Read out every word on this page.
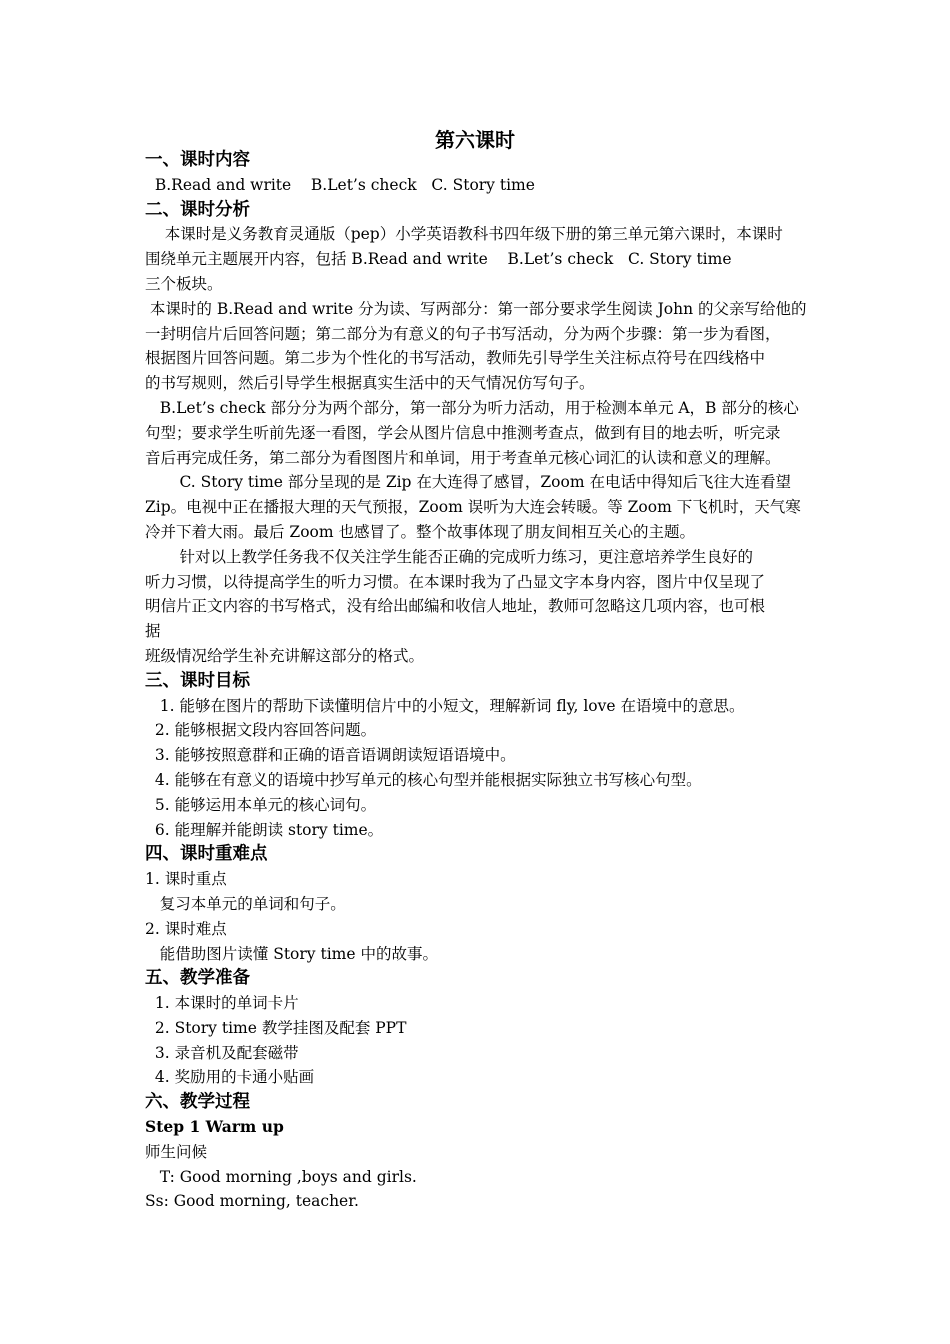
第六课时
一、课时内容
B.Read and write    B.Let’s check   C. Story time
二、课时分析
本课时是义务教育灵通版（pep）小学英语教科书四年级下册的第三单元第六课时，本课时
围绕单元主题展开内容，包括 B.Read and write    B.Let’s check   C. Story time
三个板块。
本课时的 B.Read and write 分为读、写两部分：第一部分要求学生阅读 John 的父亲写给他的
一封明信片后回答问题；第二部分为有意义的句子书写活动，分为两个步骤：第一步为看图，
根据图片回答问题。第二步为个性化的书写活动，教师先引导学生关注标点符号在四线格中
的书写规则，然后引导学生根据真实生活中的天气情况仿写句子。
B.Let’s check 部分分为两个部分，第一部分为听力活动，用于检测本单元 A，B 部分的核心
句型；要求学生听前先逐一看图，学会从图片信息中推测考查点，做到有目的地去听，听完录
音后再完成任务，第二部分为看图图片和单词，用于考查单元核心词汇的认读和意义的理解。
C. Story time 部分呈现的是 Zip 在大连得了感冒，Zoom 在电话中得知后飞往大连看望
Zip。电视中正在播报大理的天气预报，Zoom 误听为大连会转暖。等 Zoom 下飞机时，天气寒
冷并下着大雨。最后 Zoom 也感冒了。整个故事体现了朋友间相互关心的主题。
针对以上教学任务我不仅关注学生能否正确的完成听力练习，更注意培养学生良好的
听力习惯，以待提高学生的听力习惯。在本课时我为了凸显文字本身内容，图片中仅呈现了
明信片正文内容的书写格式，没有给出邮编和收信人地址，教师可忽略这几项内容，也可根
据
班级情况给学生补充讲解这部分的格式。
三、课时目标
1. 能够在图片的帮助下读懂明信片中的小短文，理解新词 fly, love 在语境中的意思。
2. 能够根据文段内容回答问题。
3. 能够按照意群和正确的语音语调朗读短语语境中。
4. 能够在有意义的语境中抄写单元的核心句型并能根据实际独立书写核心句型。
5. 能够运用本单元的核心词句。
6. 能理解并能朗读 story time。
四、课时重难点
1. 课时重点
复习本单元的单词和句子。
2. 课时难点
能借助图片读懂 Story time 中的故事。
五、教学准备
1. 本课时的单词卡片
2. Story time 教学挂图及配套 PPT
3. 录音机及配套磁带
4. 奖励用的卡通小贴画
六、教学过程
Step 1 Warm up
师生问候
T: Good morning ,boys and girls.
Ss: Good morning, teacher.
